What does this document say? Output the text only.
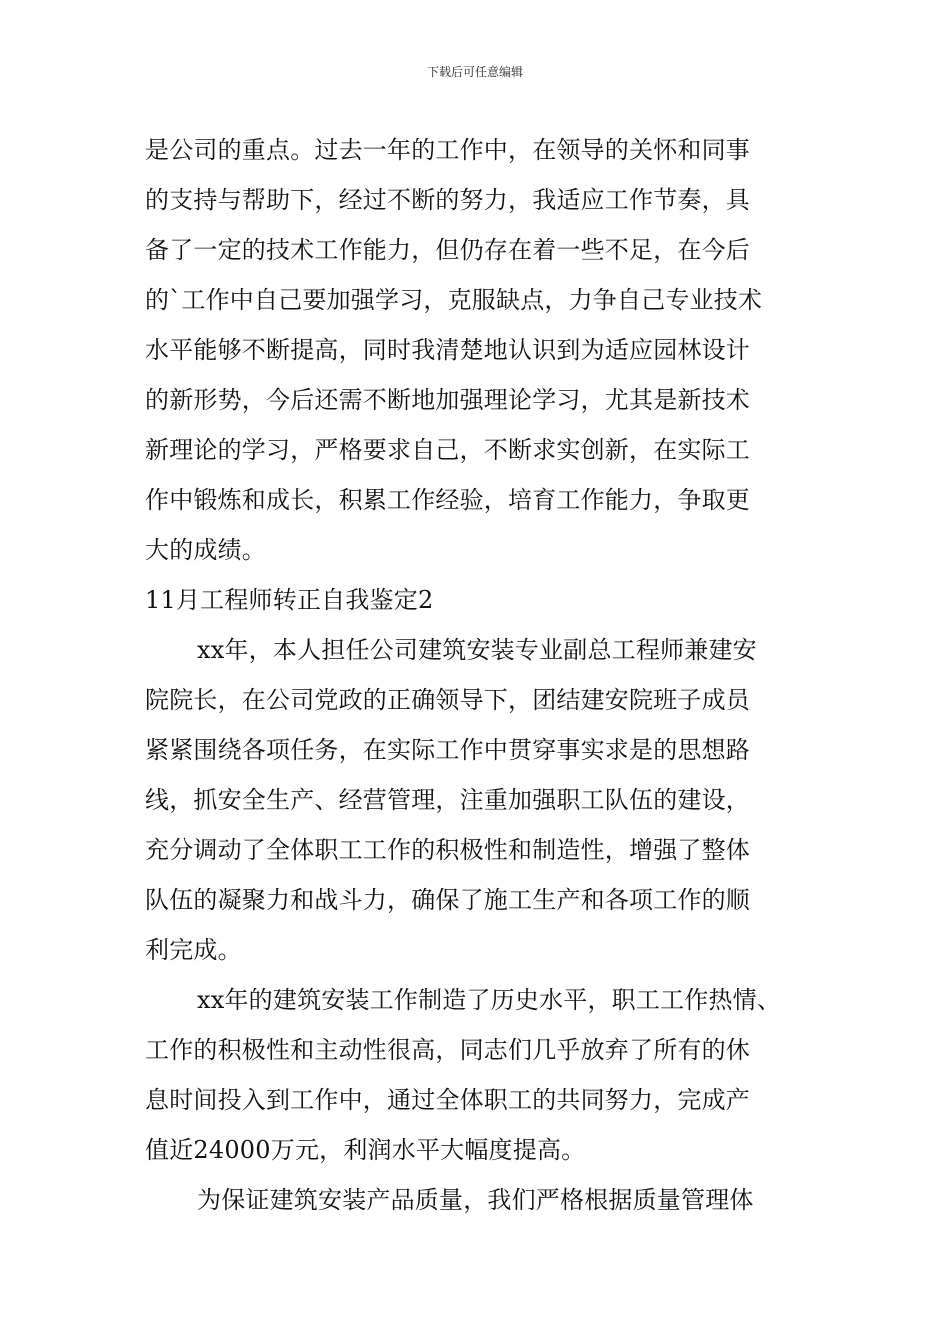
下载后可任意编辑
是公司的重点。过去一年的工作中，在领导的关怀和同事
的支持与帮助下，经过不断的努力，我适应工作节奏，具
备了一定的技术工作能力，但仍存在着一些不足，在今后
的`工作中自己要加强学习，克服缺点，力争自己专业技术
水平能够不断提高，同时我清楚地认识到为适应园林设计
的新形势，今后还需不断地加强理论学习，尤其是新技术
新理论的学习，严格要求自己，不断求实创新，在实际工
作中锻炼和成长，积累工作经验，培育工作能力，争取更
大的成绩。
11月工程师转正自我鉴定2
xx年，本人担任公司建筑安装专业副总工程师兼建安
院院长，在公司党政的正确领导下，团结建安院班子成员
紧紧围绕各项任务，在实际工作中贯穿事实求是的思想路
线，抓安全生产、经营管理，注重加强职工队伍的建设，
充分调动了全体职工工作的积极性和制造性，增强了整体
队伍的凝聚力和战斗力，确保了施工生产和各项工作的顺
利完成。
xx年的建筑安装工作制造了历史水平，职工工作热情、
工作的积极性和主动性很高，同志们几乎放弃了所有的休
息时间投入到工作中，通过全体职工的共同努力，完成产
值近24000万元，利润水平大幅度提高。
为保证建筑安装产品质量，我们严格根据质量管理体
